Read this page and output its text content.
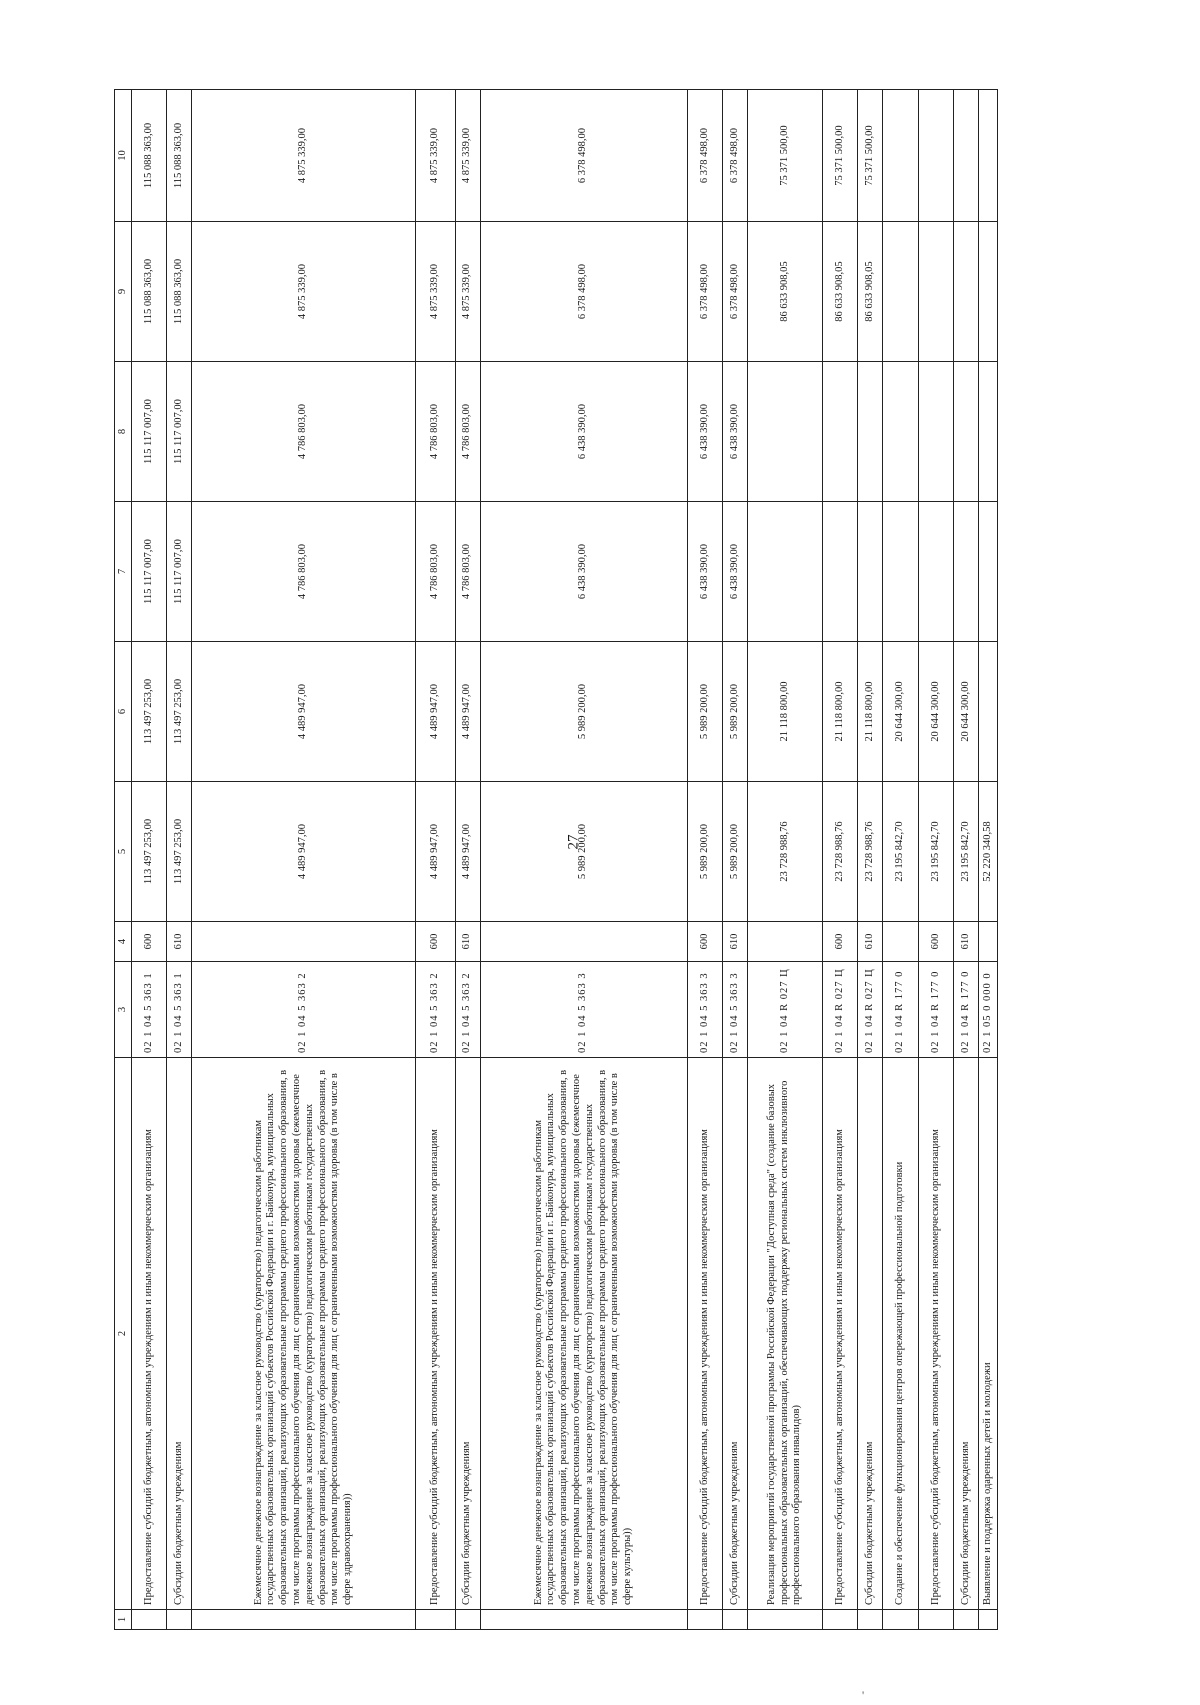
27
1	2	3	4	5	6	7	8	9	10
	Предоставление субсидий бюджетным, автономным учреждениям и иным некоммерческим организациям	02 1 04 5 363 1	600	113 497 253,00	113 497 253,00	115 117 007,00	115 117 007,00	115 088 363,00	115 088 363,00
	Субсидии бюджетным учреждениям	02 1 04 5 363 1	610	113 497 253,00	113 497 253,00	115 117 007,00	115 117 007,00	115 088 363,00	115 088 363,00
	Ежемесячное денежное вознаграждение за классное руководство (кураторство) педагогическим работникам государственных образовательных организаций субъектов Российской Федерации и г. Байконура, муниципальных образовательных организаций, реализующих образовательные программы среднего профессионального образования, в том числе программы профессионального обучения для лиц с ограниченными возможностями здоровья (ежемесячное денежное вознаграждение за классное руководство (кураторство) педагогическим работникам государственных образовательных организаций, реализующих образовательные программы среднего профессионального образования, в том числе программы профессионального обучения для лиц с ограниченными возможностями здоровья (в том числе в сфере здравоохранения))	02 1 04 5 363 2		4 489 947,00	4 489 947,00	4 786 803,00	4 786 803,00	4 875 339,00	4 875 339,00
	Предоставление субсидий бюджетным, автономным учреждениям и иным некоммерческим организациям	02 1 04 5 363 2	600	4 489 947,00	4 489 947,00	4 786 803,00	4 786 803,00	4 875 339,00	4 875 339,00
	Субсидии бюджетным учреждениям	02 1 04 5 363 2	610	4 489 947,00	4 489 947,00	4 786 803,00	4 786 803,00	4 875 339,00	4 875 339,00
	Ежемесячное денежное вознаграждение за классное руководство (кураторство) педагогическим работникам государственных образовательных организаций субъектов Российской Федерации и г. Байконура, муниципальных образовательных организаций, реализующих образовательные программы среднего профессионального образования, в том числе программы профессионального обучения для лиц с ограниченными возможностями здоровья (ежемесячное денежное вознаграждение за классное руководство (кураторство) педагогическим работникам государственных образовательных организаций, реализующих образовательные программы среднего профессионального образования, в том числе программы профессионального обучения для лиц с ограниченными возможностями здоровья (в том числе в сфере культуры))	02 1 04 5 363 3		5 989 200,00	5 989 200,00	6 438 390,00	6 438 390,00	6 378 498,00	6 378 498,00
	Предоставление субсидий бюджетным, автономным учреждениям и иным некоммерческим организациям	02 1 04 5 363 3	600	5 989 200,00	5 989 200,00	6 438 390,00	6 438 390,00	6 378 498,00	6 378 498,00
	Субсидии бюджетным учреждениям	02 1 04 5 363 3	610	5 989 200,00	5 989 200,00	6 438 390,00	6 438 390,00	6 378 498,00	6 378 498,00
	Реализация мероприятий государственной программы Российской Федерации "Доступная среда" (создание базовых профессиональных образовательных организаций, обеспечивающих поддержку региональных систем инклюзивного профессионального образования инвалидов)	02 1 04 R 027 Ц		23 728 988,76	21 118 800,00			86 633 908,05	75 371 500,00
	Предоставление субсидий бюджетным, автономным учреждениям и иным некоммерческим организациям	02 1 04 R 027 Ц	600	23 728 988,76	21 118 800,00			86 633 908,05	75 371 500,00
	Субсидии бюджетным учреждениям	02 1 04 R 027 Ц	610	23 728 988,76	21 118 800,00			86 633 908,05	75 371 500,00
	Создание и обеспечение функционирования центров опережающей профессиональной подготовки	02 1 04 R 177 0		23 195 842,70	20 644 300,00				
	Предоставление субсидий бюджетным, автономным учреждениям и иным некоммерческим организациям	02 1 04 R 177 0	600	23 195 842,70	20 644 300,00				
	Субсидии бюджетным учреждениям	02 1 04 R 177 0	610	23 195 842,70	20 644 300,00				
	Выявление и поддержка одаренных детей и молодежи	02 1 05 0 000 0		52 220 340,58					
'
